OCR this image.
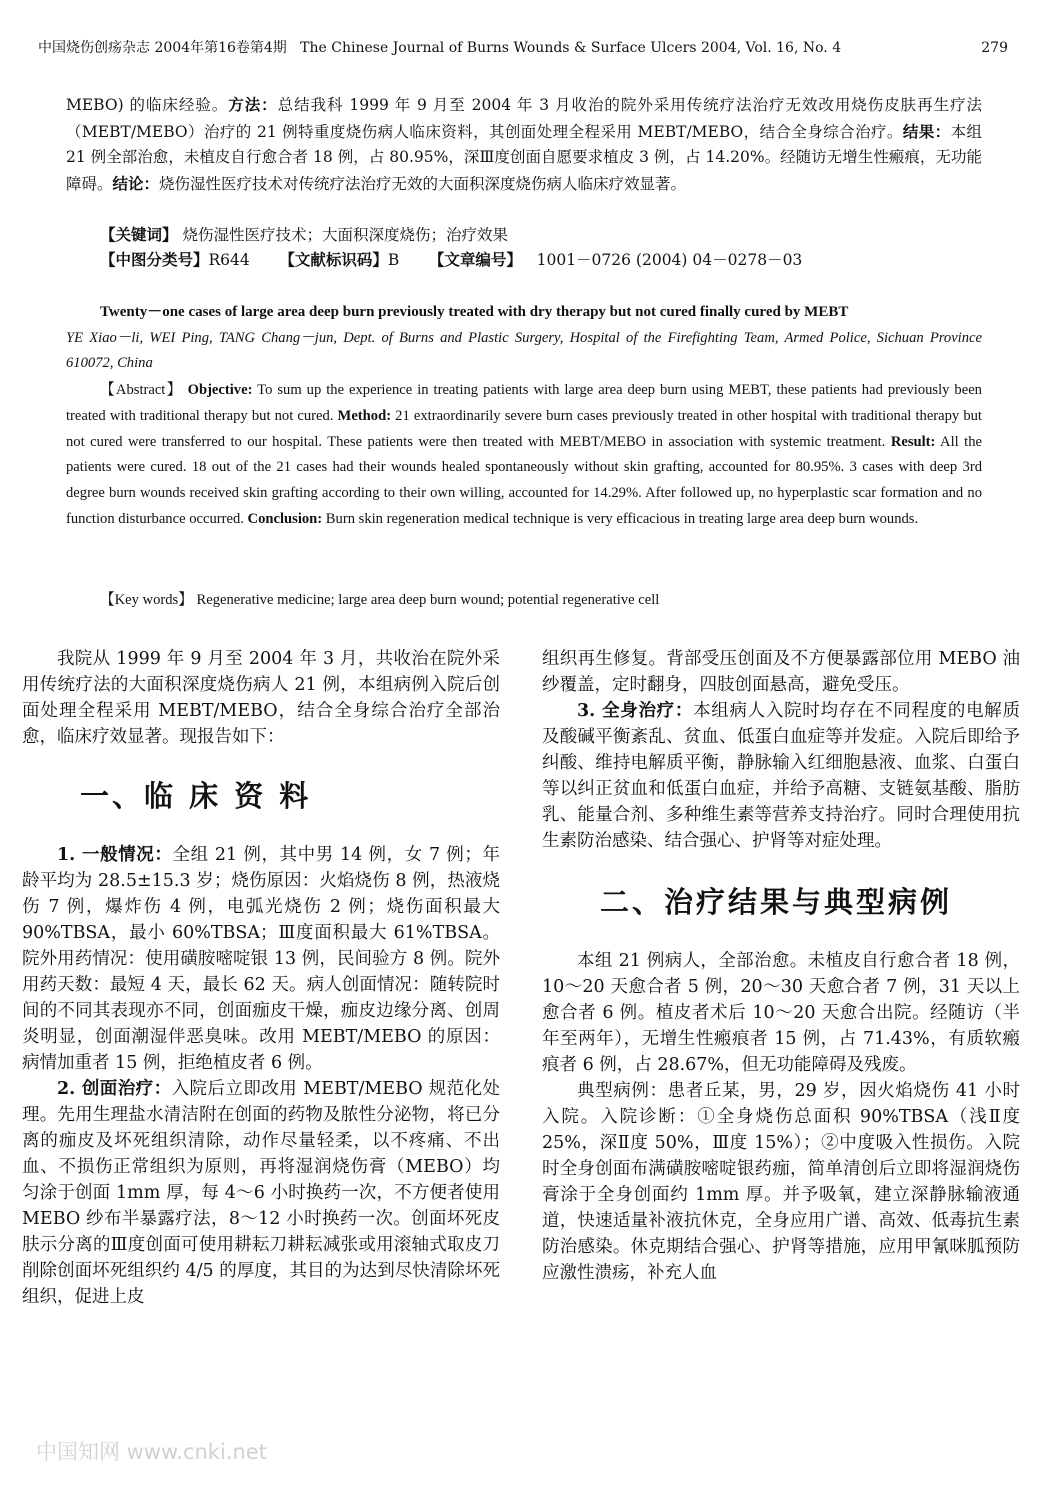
中国烧伤创疡杂志 2004年第16卷第4期 The Chinese Journal of Burns Wounds & Surface Ulcers 2004, Vol. 16, No. 4	279
MEBO) 的临床经验。方法：总结我科 1999 年 9 月至 2004 年 3 月收治的院外采用传统疗法治疗无效改用烧伤皮肤再生疗法（MEBT/MEBO）治疗的 21 例特重度烧伤病人临床资料，其创面处理全程采用 MEBT/MEBO，结合全身综合治疗。结果：本组 21 例全部治愈，未植皮自行愈合者 18 例，占 80.95%，深Ⅲ度创面自愿要求植皮 3 例，占 14.20%。经随访无增生性瘢痕，无功能障碍。结论：烧伤湿性医疗技术对传统疗法治疗无效的大面积深度烧伤病人临床疗效显著。
【关键词】 烧伤湿性医疗技术；大面积深度烧伤；治疗效果
【中图分类号】R644 【文献标识码】B 【文章编号】 1001－0726 (2004) 04－0278－03
Twenty－one cases of large area deep burn previously treated with dry therapy but not cured finally cured by MEBT
YE Xiao－li, WEI Ping, TANG Chang－jun, Dept. of Burns and Plastic Surgery, Hospital of the Firefighting Team, Armed Police, Sichuan Province 610072, China
【Abstract】 Objective: To sum up the experience in treating patients with large area deep burn using MEBT, these patients had previously been treated with traditional therapy but not cured. Method: 21 extraordinarily severe burn cases previously treated in other hospital with traditional therapy but not cured were transferred to our hospital. These patients were then treated with MEBT/MEBO in association with systemic treatment. Result: All the patients were cured. 18 out of the 21 cases had their wounds healed spontaneously without skin grafting, accounted for 80.95%. 3 cases with deep 3rd degree burn wounds received skin grafting according to their own willing, accounted for 14.29%. After followed up, no hyperplastic scar formation and no function disturbance occurred. Conclusion: Burn skin regeneration medical technique is very efficacious in treating large area deep burn wounds.
【Key words】 Regenerative medicine; large area deep burn wound; potential regenerative cell

我院从 1999 年 9 月至 2004 年 3 月，共收治在院外采用传统疗法的大面积深度烧伤病人 21 例，本组病例入院后创面处理全程采用 MEBT/MEBO，结合全身综合治疗全部治愈，临床疗效显著。现报告如下：

一、临 床 资 料

1. 一般情况：全组 21 例，其中男 14 例，女 7 例；年龄平均为 28.5±15.3 岁；烧伤原因：火焰烧伤 8 例，热液烧伤 7 例，爆炸伤 4 例，电弧光烧伤 2 例；烧伤面积最大 90%TBSA，最小 60%TBSA；Ⅲ度面积最大 61%TBSA。院外用药情况：使用磺胺嘧啶银 13 例，民间验方 8 例。院外用药天数：最短 4 天，最长 62 天。病人创面情况：随转院时间的不同其表现亦不同，创面痂皮干燥，痂皮边缘分离、创周炎明显，创面潮湿伴恶臭味。改用 MEBT/MEBO 的原因：病情加重者 15 例，拒绝植皮者 6 例。

2. 创面治疗：入院后立即改用 MEBT/MEBO 规范化处理。先用生理盐水清洁附在创面的药物及脓性分泌物，将已分离的痂皮及坏死组织清除，动作尽量轻柔，以不疼痛、不出血、不损伤正常组织为原则，再将湿润烧伤膏（MEBO）均匀涂于创面 1mm 厚，每 4～6 小时换药一次，不方便者使用 MEBO 纱布半暴露疗法，8～12 小时换药一次。创面坏死皮肤示分离的Ⅲ度创面可使用耕耘刀耕耘减张或用滚轴式取皮刀削除创面坏死组织约 4/5 的厚度，其目的为达到尽快清除坏死组织，促进上皮

组织再生修复。背部受压创面及不方便暴露部位用 MEBO 油纱覆盖，定时翻身，四肢创面悬高，避免受压。

3. 全身治疗：本组病人入院时均存在不同程度的电解质及酸碱平衡紊乱、贫血、低蛋白血症等并发症。入院后即给予纠酸、维持电解质平衡，静脉输入红细胞悬液、血浆、白蛋白等以纠正贫血和低蛋白血症，并给予高糖、支链氨基酸、脂肪乳、能量合剂、多种维生素等营养支持治疗。同时合理使用抗生素防治感染、结合强心、护肾等对症处理。

二、治疗结果与典型病例

本组 21 例病人，全部治愈。未植皮自行愈合者 18 例，10～20 天愈合者 5 例，20～30 天愈合者 7 例，31 天以上愈合者 6 例。植皮者术后 10～20 天愈合出院。经随访（半年至两年），无增生性瘢痕者 15 例，占 71.43%，有质软瘢痕者 6 例，占 28.67%，但无功能障碍及残废。

典型病例：患者丘某，男，29 岁，因火焰烧伤 41 小时入院。入院诊断：①全身烧伤总面积 90%TBSA（浅Ⅱ度 25%，深Ⅱ度 50%，Ⅲ度 15%）；②中度吸入性损伤。入院时全身创面布满磺胺嘧啶银药痂，简单清创后立即将湿润烧伤膏涂于全身创面约 1mm 厚。并予吸氧，建立深静脉输液通道，快速适量补液抗休克，全身应用广谱、高效、低毒抗生素防治感染。休克期结合强心、护肾等措施，应用甲氰咪胍预防应激性溃疡，补充人血

中国知网 www.cnki.net
